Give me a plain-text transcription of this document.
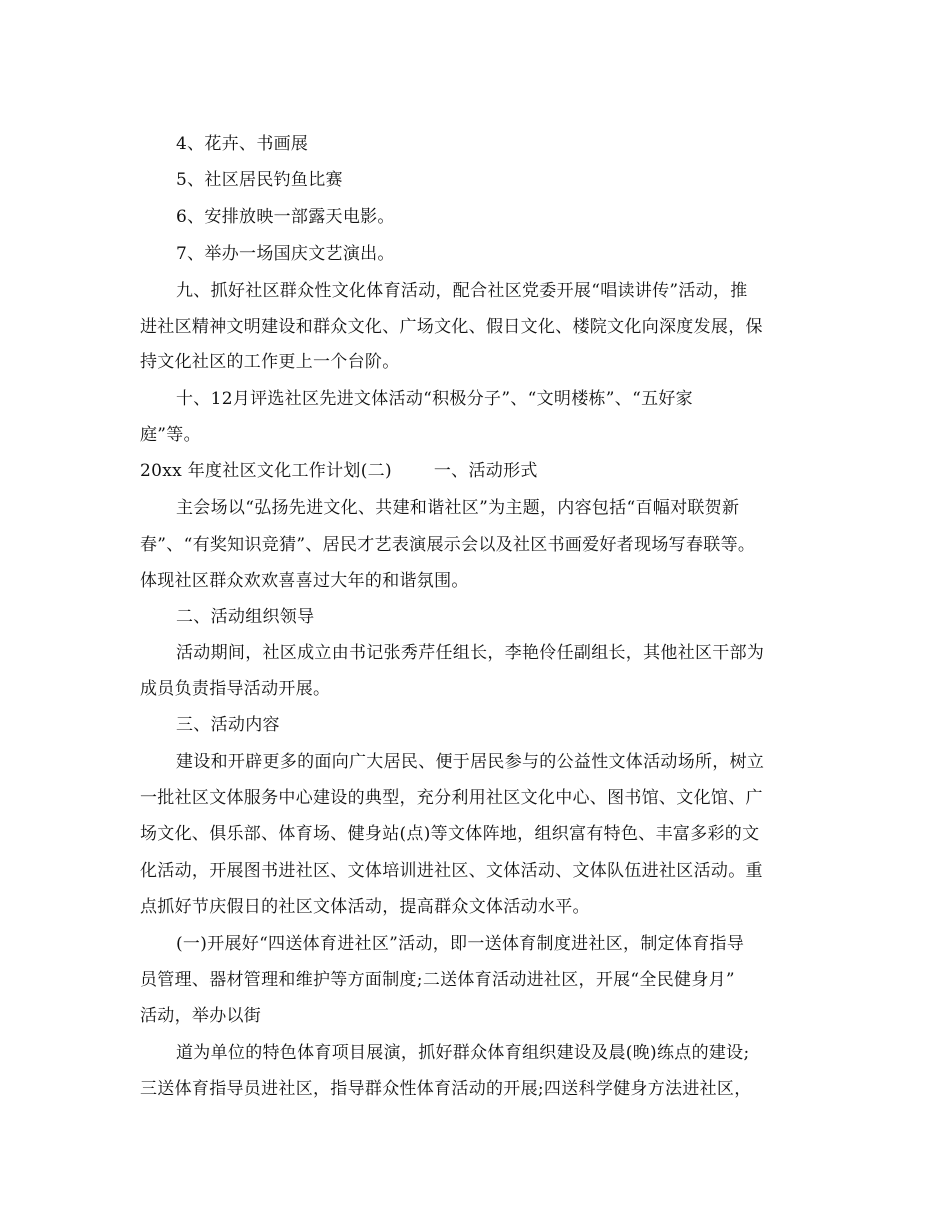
4、花卉、书画展
5、社区居民钓鱼比赛
6、安排放映一部露天电影。
7、举办一场国庆文艺演出。
九、抓好社区群众性文化体育活动，配合社区党委开展“唱读讲传”活动，推
进社区精神文明建设和群众文化、广场文化、假日文化、楼院文化向深度发展，保
持文化社区的工作更上一个台阶。
十、12月评选社区先进文体活动“积极分子”、“文明楼栋”、“五好家
庭”等。
20xx 年度社区文化工作计划(二) 一、活动形式
主会场以“弘扬先进文化、共建和谐社区”为主题，内容包括“百幅对联贺新
春”、“有奖知识竞猜”、居民才艺表演展示会以及社区书画爱好者现场写春联等。
体现社区群众欢欢喜喜过大年的和谐氛围。
二、活动组织领导
活动期间，社区成立由书记张秀芹任组长，李艳伶任副组长，其他社区干部为
成员负责指导活动开展。
三、活动内容
建设和开辟更多的面向广大居民、便于居民参与的公益性文体活动场所，树立
一批社区文体服务中心建设的典型，充分利用社区文化中心、图书馆、文化馆、广
场文化、俱乐部、体育场、健身站(点)等文体阵地，组织富有特色、丰富多彩的文
化活动，开展图书进社区、文体培训进社区、文体活动、文体队伍进社区活动。重
点抓好节庆假日的社区文体活动，提高群众文体活动水平。
(一)开展好“四送体育进社区”活动，即一送体育制度进社区，制定体育指导
员管理、器材管理和维护等方面制度;二送体育活动进社区，开展“全民健身月”
活动，举办以街
道为单位的特色体育项目展演，抓好群众体育组织建设及晨(晚)练点的建设;
三送体育指导员进社区，指导群众性体育活动的开展;四送科学健身方法进社区，
